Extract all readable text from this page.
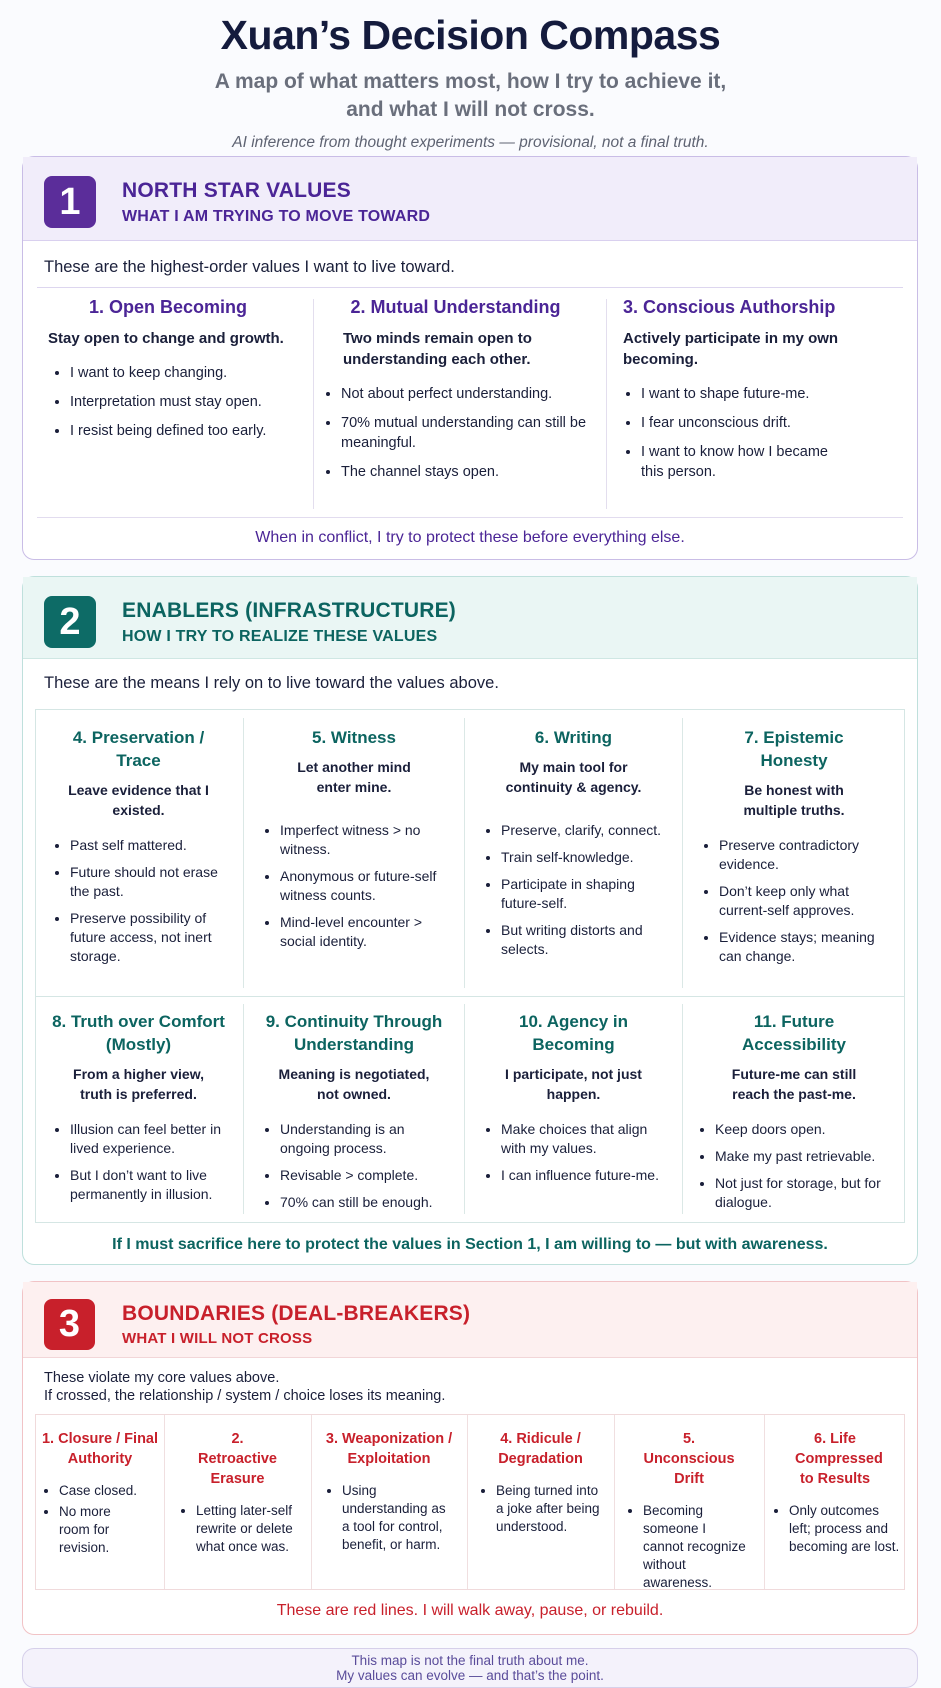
Xuan’s Decision Compass
A map of what matters most, how I try to achieve it,
and what I will not cross.
AI inference from thought experiments — provisional, not a final truth.
1	NORTH STAR VALUES
WHAT I AM TRYING TO MOVE TOWARD
These are the highest-order values I want to live toward.
1. Open Becoming
Stay open to change and growth.
• I want to keep changing.
• Interpretation must stay open.
• I resist being defined too early.
2. Mutual Understanding
Two minds remain open to understanding each other.
• Not about perfect understanding.
• 70% mutual understanding can still be meaningful.
• The channel stays open.
3. Conscious Authorship
Actively participate in my own becoming.
• I want to shape future-me.
• I fear unconscious drift.
• I want to know how I became this person.
When in conflict, I try to protect these before everything else.
2	ENABLERS (INFRASTRUCTURE)
HOW I TRY TO REALIZE THESE VALUES
These are the means I rely on to live toward the values above.
4. Preservation / Trace
Leave evidence that I existed.
• Past self mattered.
• Future should not erase the past.
• Preserve possibility of future access, not inert storage.
5. Witness
Let another mind enter mine.
• Imperfect witness > no witness.
• Anonymous or future-self witness counts.
• Mind-level encounter > social identity.
6. Writing
My main tool for continuity & agency.
• Preserve, clarify, connect.
• Train self-knowledge.
• Participate in shaping future-self.
• But writing distorts and selects.
7. Epistemic Honesty
Be honest with multiple truths.
• Preserve contradictory evidence.
• Don’t keep only what current-self approves.
• Evidence stays; meaning can change.
8. Truth over Comfort (Mostly)
From a higher view, truth is preferred.
• Illusion can feel better in lived experience.
• But I don’t want to live permanently in illusion.
9. Continuity Through Understanding
Meaning is negotiated, not owned.
• Understanding is an ongoing process.
• Revisable > complete.
• 70% can still be enough.
10. Agency in Becoming
I participate, not just happen.
• Make choices that align with my values.
• I can influence future-me.
11. Future Accessibility
Future-me can still reach the past-me.
• Keep doors open.
• Make my past retrievable.
• Not just for storage, but for dialogue.
If I must sacrifice here to protect the values in Section 1, I am willing to — but with awareness.
3	BOUNDARIES (DEAL-BREAKERS)
WHAT I WILL NOT CROSS
These violate my core values above.
If crossed, the relationship / system / choice loses its meaning.
1. Closure / Final Authority
• Case closed.
• No more room for revision.
2. Retroactive Erasure
• Letting later-self rewrite or delete what once was.
3. Weaponization / Exploitation
• Using understanding as a tool for control, benefit, or harm.
4. Ridicule / Degradation
• Being turned into a joke after being understood.
5. Unconscious Drift
• Becoming someone I cannot recognize without awareness.
6. Life Compressed to Results
• Only outcomes left; process and becoming are lost.
These are red lines. I will walk away, pause, or rebuild.
This map is not the final truth about me.
My values can evolve — and that’s the point.
